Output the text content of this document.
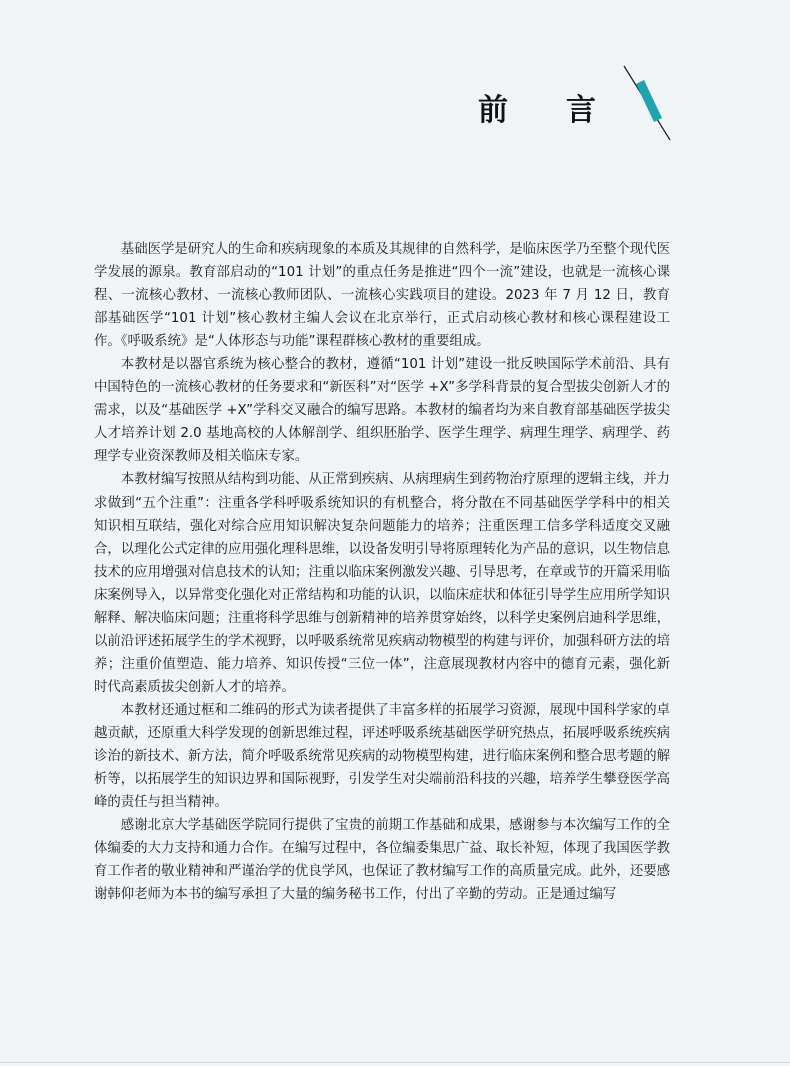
前 言

基础医学是研究人的生命和疾病现象的本质及其规律的自然科学，是临床医学乃至整个现代医学发展的源泉。教育部启动的“101 计划”的重点任务是推进“四个一流”建设，也就是一流核心课程、一流核心教材、一流核心教师团队、一流核心实践项目的建设。2023 年 7 月 12 日，教育部基础医学“101 计划”核心教材主编人会议在北京举行，正式启动核心教材和核心课程建设工作。《呼吸系统》是“人体形态与功能”课程群核心教材的重要组成。

本教材是以器官系统为核心整合的教材，遵循“101 计划”建设一批反映国际学术前沿、具有中国特色的一流核心教材的任务要求和“新医科”对“医学 +X”多学科背景的复合型拔尖创新人才的需求，以及“基础医学 +X”学科交叉融合的编写思路。本教材的编者均为来自教育部基础医学拔尖人才培养计划 2.0 基地高校的人体解剖学、组织胚胎学、医学生理学、病理生理学、病理学、药理学专业资深教师及相关临床专家。

本教材编写按照从结构到功能、从正常到疾病、从病理病生到药物治疗原理的逻辑主线，并力求做到“五个注重”：注重各学科呼吸系统知识的有机整合，将分散在不同基础医学学科中的相关知识相互联结，强化对综合应用知识解决复杂问题能力的培养；注重医理工信多学科适度交叉融合，以理化公式定律的应用强化理科思维，以设备发明引导将原理转化为产品的意识，以生物信息技术的应用增强对信息技术的认知；注重以临床案例激发兴趣、引导思考，在章或节的开篇采用临床案例导入，以异常变化强化对正常结构和功能的认识，以临床症状和体征引导学生应用所学知识解释、解决临床问题；注重将科学思维与创新精神的培养贯穿始终，以科学史案例启迪科学思维，以前沿评述拓展学生的学术视野，以呼吸系统常见疾病动物模型的构建与评价，加强科研方法的培养；注重价值塑造、能力培养、知识传授“三位一体”，注意展现教材内容中的德育元素，强化新时代高素质拔尖创新人才的培养。

本教材还通过框和二维码的形式为读者提供了丰富多样的拓展学习资源，展现中国科学家的卓越贡献，还原重大科学发现的创新思维过程，评述呼吸系统基础医学研究热点，拓展呼吸系统疾病诊治的新技术、新方法，简介呼吸系统常见疾病的动物模型构建，进行临床案例和整合思考题的解析等，以拓展学生的知识边界和国际视野，引发学生对尖端前沿科技的兴趣，培养学生攀登医学高峰的责任与担当精神。

感谢北京大学基础医学院同行提供了宝贵的前期工作基础和成果，感谢参与本次编写工作的全体编委的大力支持和通力合作。在编写过程中，各位编委集思广益、取长补短，体现了我国医学教育工作者的敬业精神和严谨治学的优良学风，也保证了教材编写工作的高质量完成。此外，还要感谢韩仰老师为本书的编写承担了大量的编务秘书工作，付出了辛勤的劳动。正是通过编写
